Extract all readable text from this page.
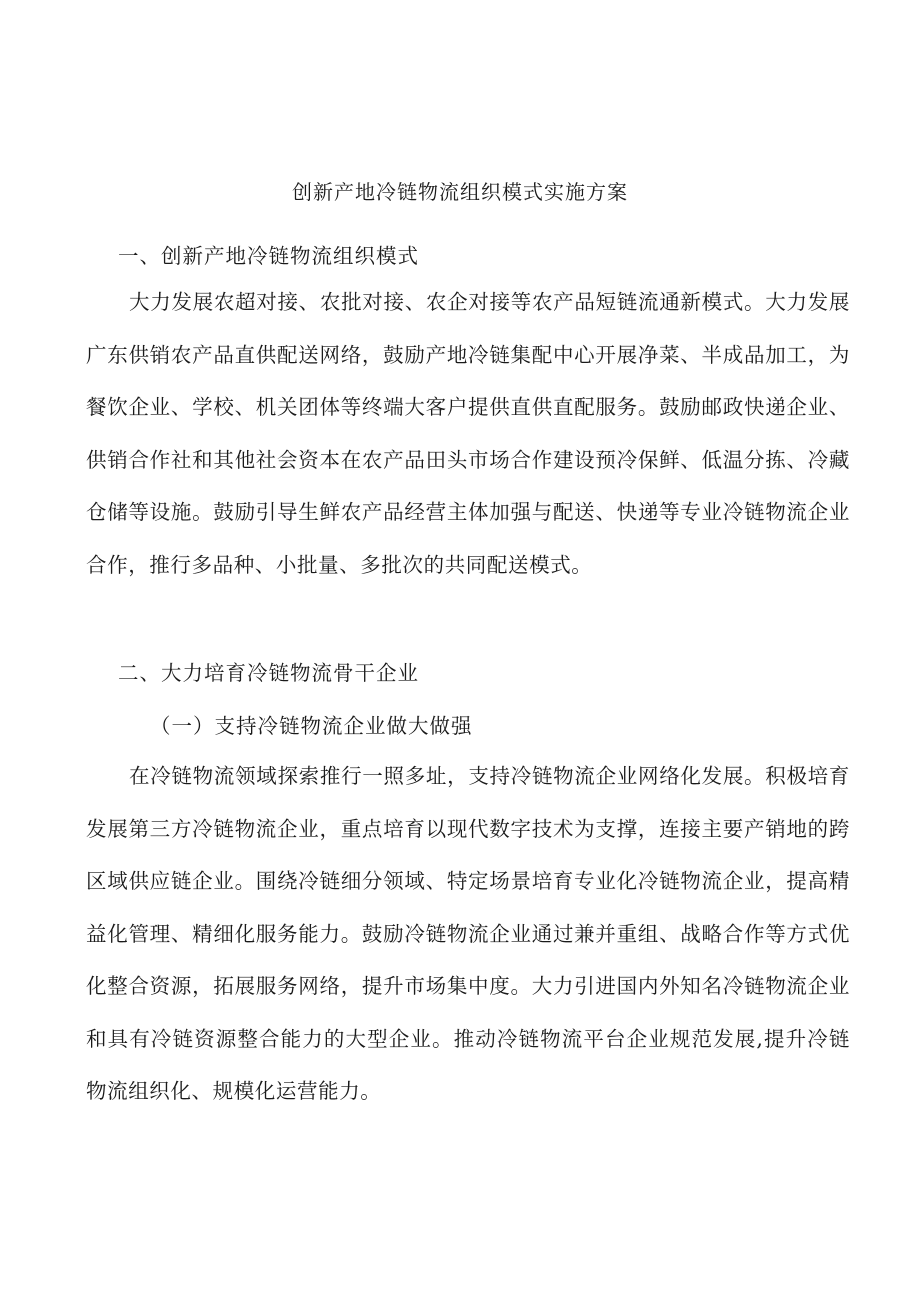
创新产地冷链物流组织模式实施方案
一、创新产地冷链物流组织模式

大力发展农超对接、农批对接、农企对接等农产品短链流通新模式。大力发展广东供销农产品直供配送网络，鼓励产地冷链集配中心开展净菜、半成品加工，为餐饮企业、学校、机关团体等终端大客户提供直供直配服务。鼓励邮政快递企业、供销合作社和其他社会资本在农产品田头市场合作建设预冷保鲜、低温分拣、冷藏仓储等设施。鼓励引导生鲜农产品经营主体加强与配送、快递等专业冷链物流企业合作，推行多品种、小批量、多批次的共同配送模式。

二、大力培育冷链物流骨干企业
（一）支持冷链物流企业做大做强

在冷链物流领域探索推行一照多址，支持冷链物流企业网络化发展。积极培育发展第三方冷链物流企业，重点培育以现代数字技术为支撑，连接主要产销地的跨区域供应链企业。围绕冷链细分领域、特定场景培育专业化冷链物流企业，提高精益化管理、精细化服务能力。鼓励冷链物流企业通过兼并重组、战略合作等方式优化整合资源，拓展服务网络，提升市场集中度。大力引进国内外知名冷链物流企业和具有冷链资源整合能力的大型企业。推动冷链物流平台企业规范发展,提升冷链物流组织化、规模化运营能力。
